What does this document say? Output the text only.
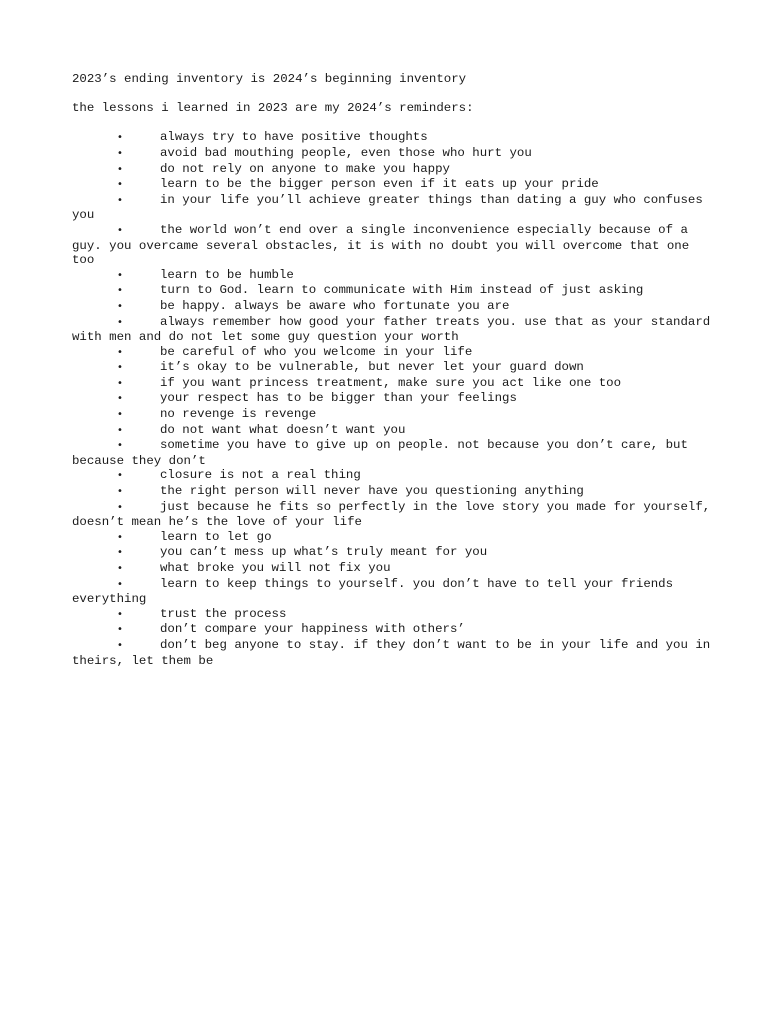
2023’s ending inventory is 2024’s beginning inventory

the lessons i learned in 2023 are my 2024’s reminders:

•	always try to have positive thoughts
•	avoid bad mouthing people, even those who hurt you
•	do not rely on anyone to make you happy
•	learn to be the bigger person even if it eats up your pride
•	in your life you’ll achieve greater things than dating a guy who confuses you
•	the world won’t end over a single inconvenience especially because of a guy. you overcame several obstacles, it is with no doubt you will overcome that one too
•	learn to be humble
•	turn to God. learn to communicate with Him instead of just asking
•	be happy. always be aware who fortunate you are
•	always remember how good your father treats you. use that as your standard with men and do not let some guy question your worth
•	be careful of who you welcome in your life
•	it’s okay to be vulnerable, but never let your guard down
•	if you want princess treatment, make sure you act like one too
•	your respect has to be bigger than your feelings
•	no revenge is revenge
•	do not want what doesn’t want you
•	sometime you have to give up on people. not because you don’t care, but because they don’t
•	closure is not a real thing
•	the right person will never have you questioning anything
•	just because he fits so perfectly in the love story you made for yourself, doesn’t mean he’s the love of your life
•	learn to let go
•	you can’t mess up what’s truly meant for you
•	what broke you will not fix you
•	learn to keep things to yourself. you don’t have to tell your friends everything
•	trust the process
•	don’t compare your happiness with others’
•	don’t beg anyone to stay. if they don’t want to be in your life and you in theirs, let them be
